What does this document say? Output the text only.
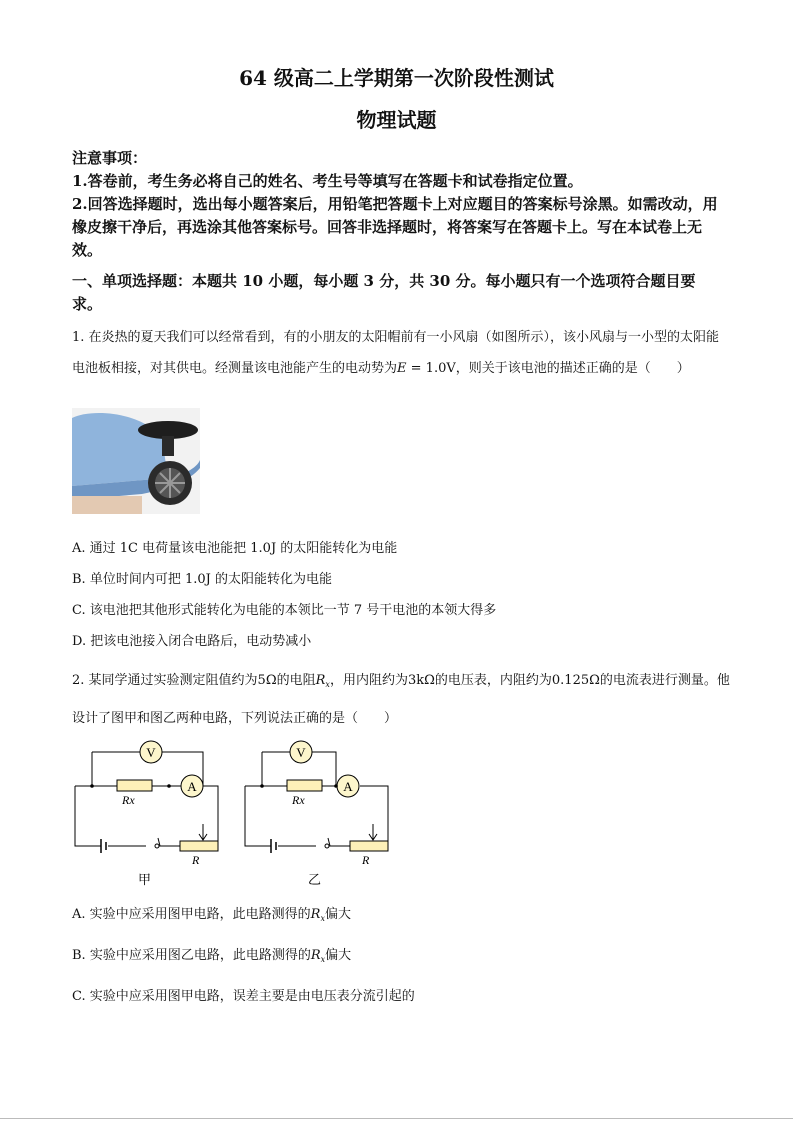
64 级高二上学期第一次阶段性测试
物理试题
注意事项：
1.答卷前，考生务必将自己的姓名、考生号等填写在答题卡和试卷指定位置。
2.回答选择题时，选出每小题答案后，用铅笔把答题卡上对应题目的答案标号涂黑。如需改动，用橡皮擦干净后，再选涂其他答案标号。回答非选择题时，将答案写在答题卡上。写在本试卷上无效。
一、单项选择题：本题共 10 小题，每小题 3 分，共 30 分。每小题只有一个选项符合题目要求。
1. 在炎热的夏天我们可以经常看到，有的小朋友的太阳帽前有一小风扇（如图所示），该小风扇与一小型的太阳能电池板相接，对其供电。经测量该电池能产生的电动势为E = 1.0V，则关于该电池的描述正确的是（　　）
A. 通过 1C 电荷量该电池能把 1.0J 的太阳能转化为电能
B. 单位时间内可把 1.0J 的太阳能转化为电能
C. 该电池把其他形式能转化为电能的本领比一节 7 号干电池的本领大得多
D. 把该电池接入闭合电路后，电动势减小
2. 某同学通过实验测定阻值约为5Ω的电阻$R_x$，用内阻约为3kΩ的电压表，内阻约为0.125Ω的电流表进行测量。他设计了图甲和图乙两种电路，下列说法正确的是（　　）
V
A
Rx
R
甲
V
A
Rx
R
乙
A. 实验中应采用图甲电路，此电路测得的$R_x$偏大
B. 实验中应采用图乙电路，此电路测得的$R_x$偏大
C. 实验中应采用图甲电路，误差主要是由电压表分流引起的
